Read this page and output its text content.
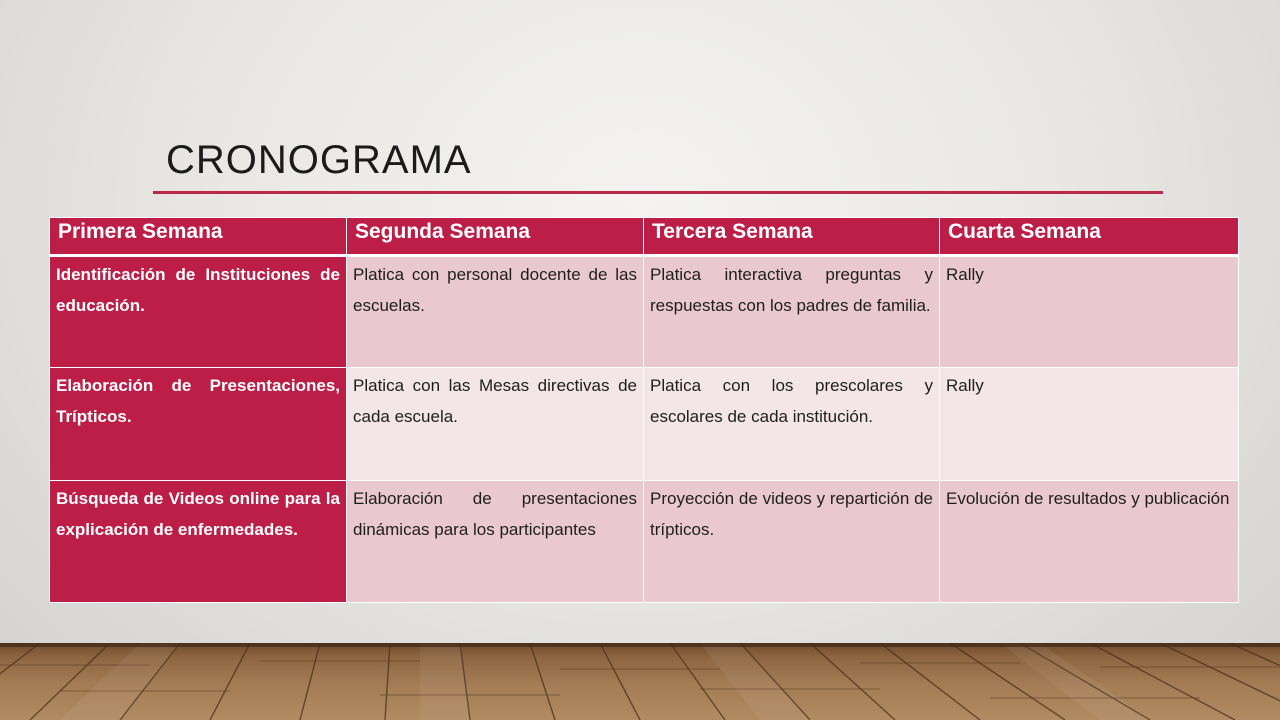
CRONOGRAMA
Primera Semana	Segunda Semana	Tercera Semana	Cuarta Semana
Identificación de Instituciones de educación.	Platica con personal docente de las escuelas.	Platica interactiva preguntas y respuestas con los padres de familia.	Rally
Elaboración de Presentaciones, Trípticos.	Platica con las Mesas directivas de cada escuela.	Platica con los prescolares y escolares de cada institución.	Rally
Búsqueda de Videos online para la explicación de enfermedades.	Elaboración de presentaciones dinámicas para los participantes	Proyección de videos y repartición de trípticos.	Evolución de resultados y publicación
